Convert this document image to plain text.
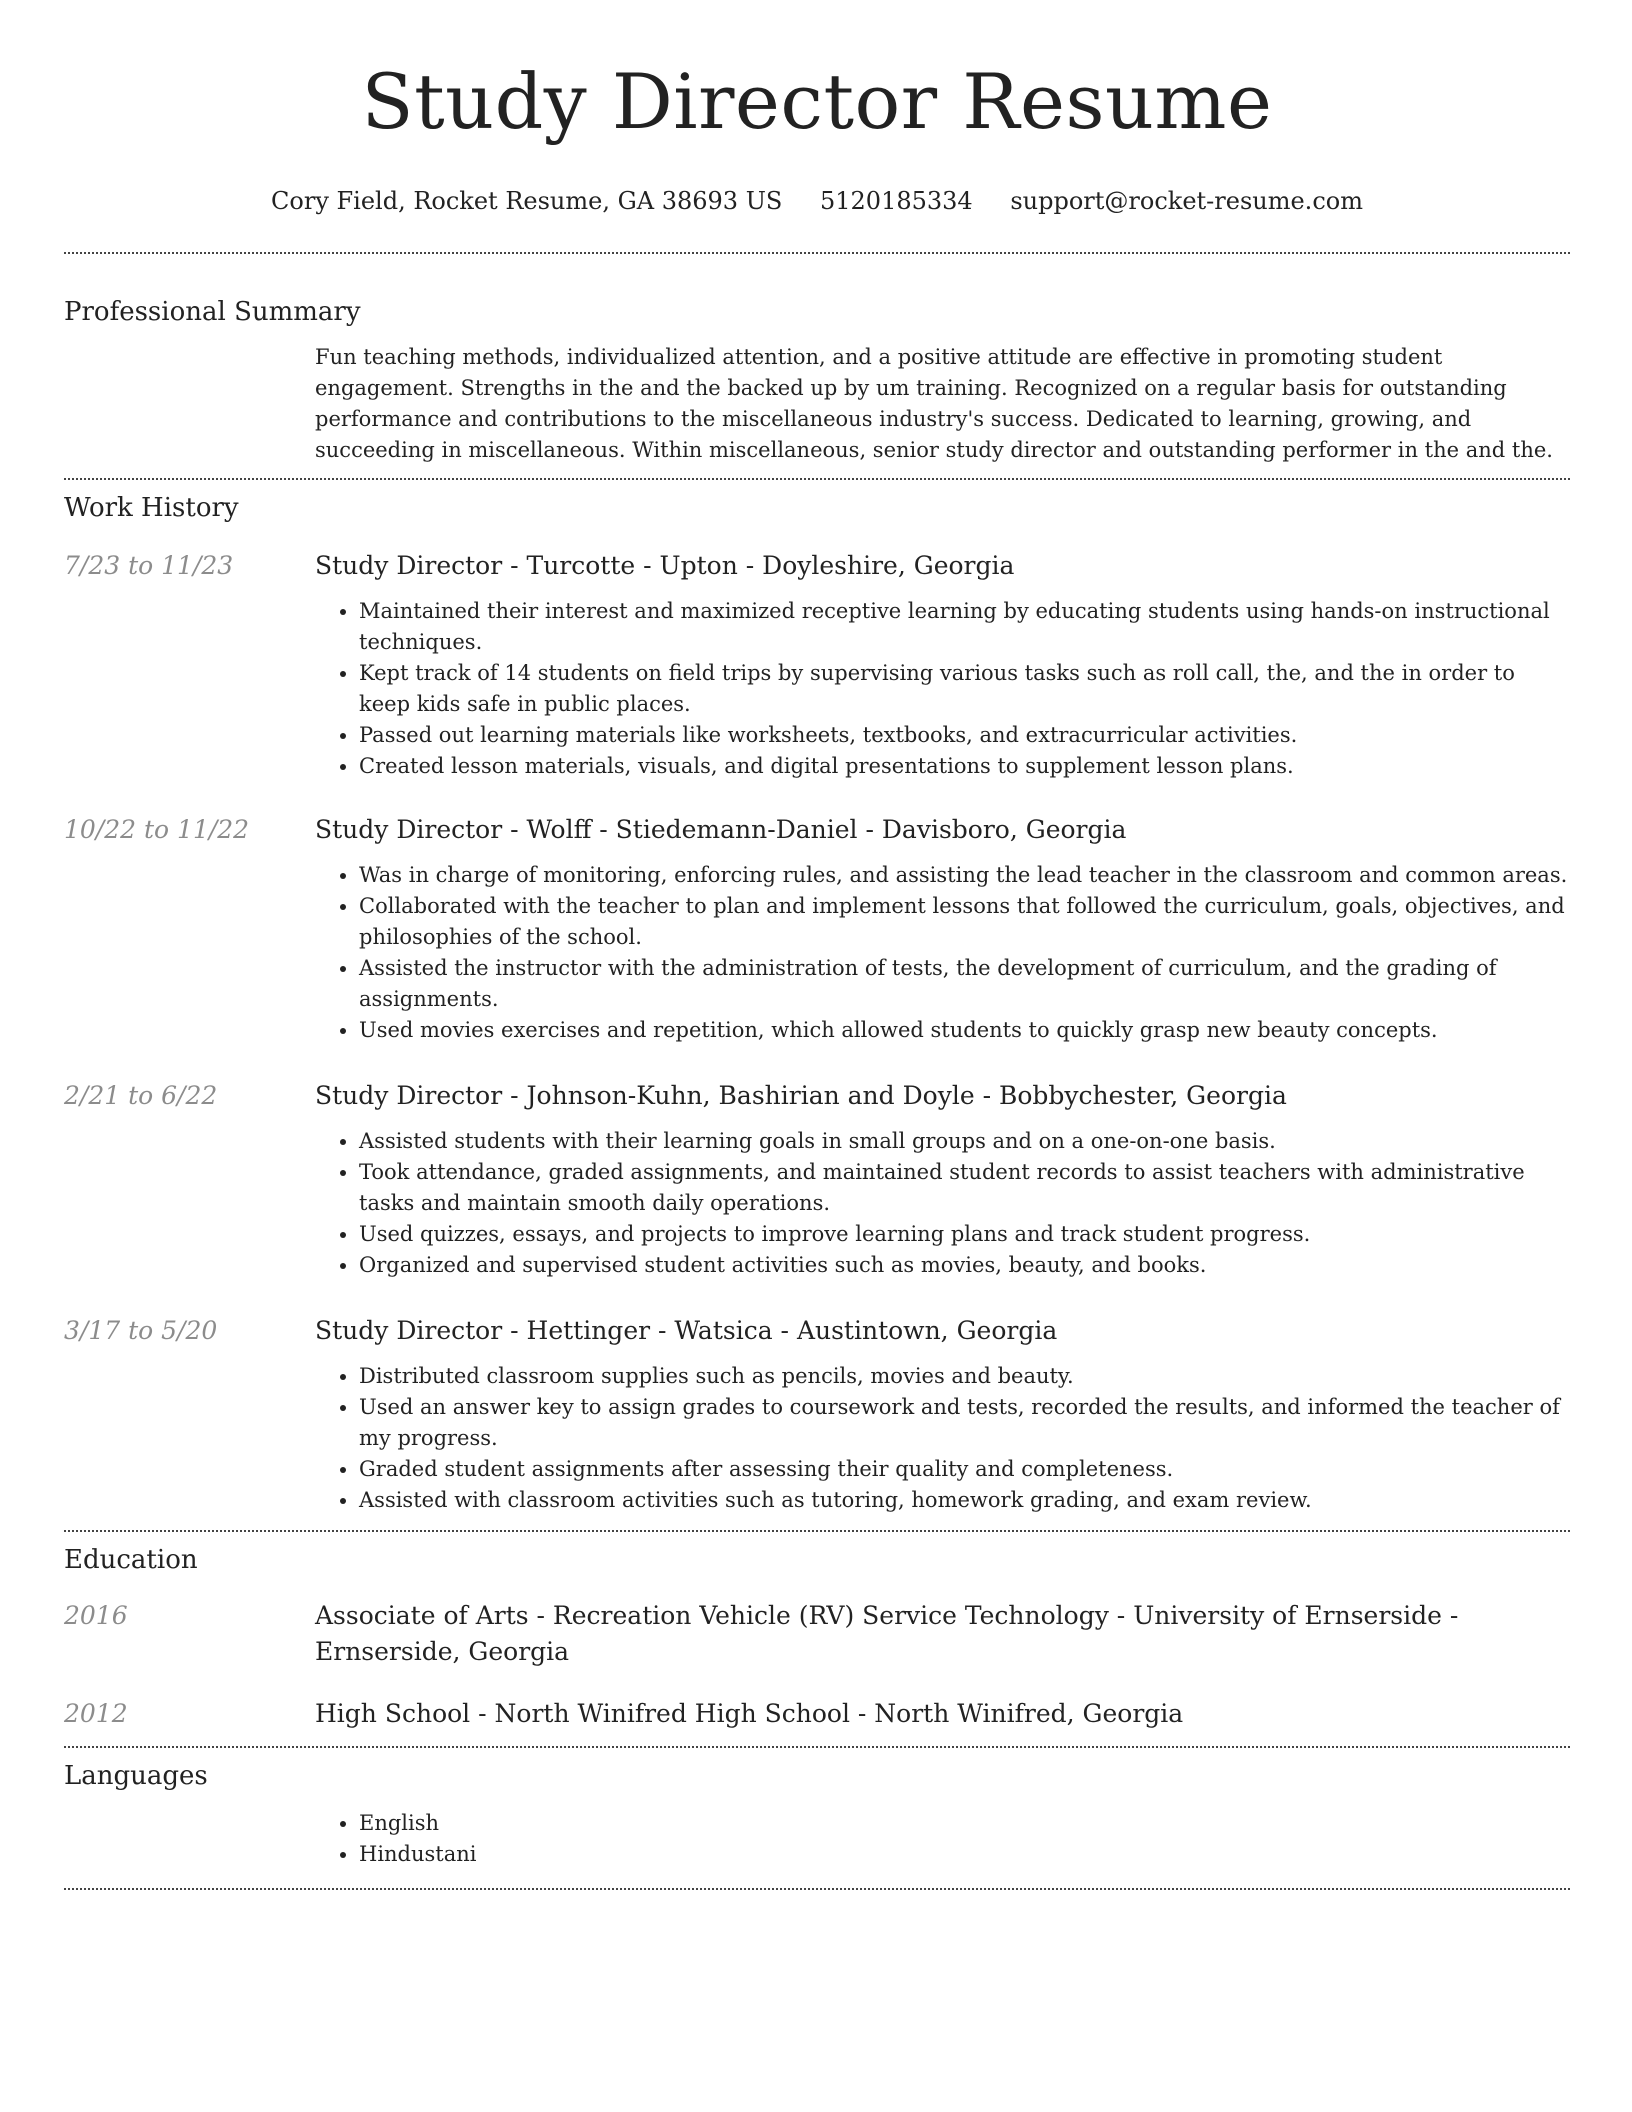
Study Director Resume
Cory Field, Rocket Resume, GA 38693 US 5120185334 support@rocket-resume.com
Professional Summary

Fun teaching methods, individualized attention, and a positive attitude are effective in promoting student engagement. Strengths in the and the backed up by um training. Recognized on a regular basis for outstanding performance and contributions to the miscellaneous industry's success. Dedicated to learning, growing, and succeeding in miscellaneous. Within miscellaneous, senior study director and outstanding performer in the and the.

Work History
7/23 to 11/23	Study Director - Turcotte - Upton - Doyleshire, Georgia
• Maintained their interest and maximized receptive learning by educating students using hands-on instructional techniques.
• Kept track of 14 students on field trips by supervising various tasks such as roll call, the, and the in order to keep kids safe in public places.
• Passed out learning materials like worksheets, textbooks, and extracurricular activities.
• Created lesson materials, visuals, and digital presentations to supplement lesson plans.
10/22 to 11/22	Study Director - Wolff - Stiedemann-Daniel - Davisboro, Georgia
• Was in charge of monitoring, enforcing rules, and assisting the lead teacher in the classroom and common areas.
• Collaborated with the teacher to plan and implement lessons that followed the curriculum, goals, objectives, and philosophies of the school.
• Assisted the instructor with the administration of tests, the development of curriculum, and the grading of assignments.
• Used movies exercises and repetition, which allowed students to quickly grasp new beauty concepts.
2/21 to 6/22	Study Director - Johnson-Kuhn, Bashirian and Doyle - Bobbychester, Georgia
• Assisted students with their learning goals in small groups and on a one-on-one basis.
• Took attendance, graded assignments, and maintained student records to assist teachers with administrative tasks and maintain smooth daily operations.
• Used quizzes, essays, and projects to improve learning plans and track student progress.
• Organized and supervised student activities such as movies, beauty, and books.
3/17 to 5/20	Study Director - Hettinger - Watsica - Austintown, Georgia
• Distributed classroom supplies such as pencils, movies and beauty.
• Used an answer key to assign grades to coursework and tests, recorded the results, and informed the teacher of my progress.
• Graded student assignments after assessing their quality and completeness.
• Assisted with classroom activities such as tutoring, homework grading, and exam review.
Education
2016	Associate of Arts - Recreation Vehicle (RV) Service Technology - University of Ernserside - Ernserside, Georgia
2012	High School - North Winifred High School - North Winifred, Georgia
Languages
• English
• Hindustani
